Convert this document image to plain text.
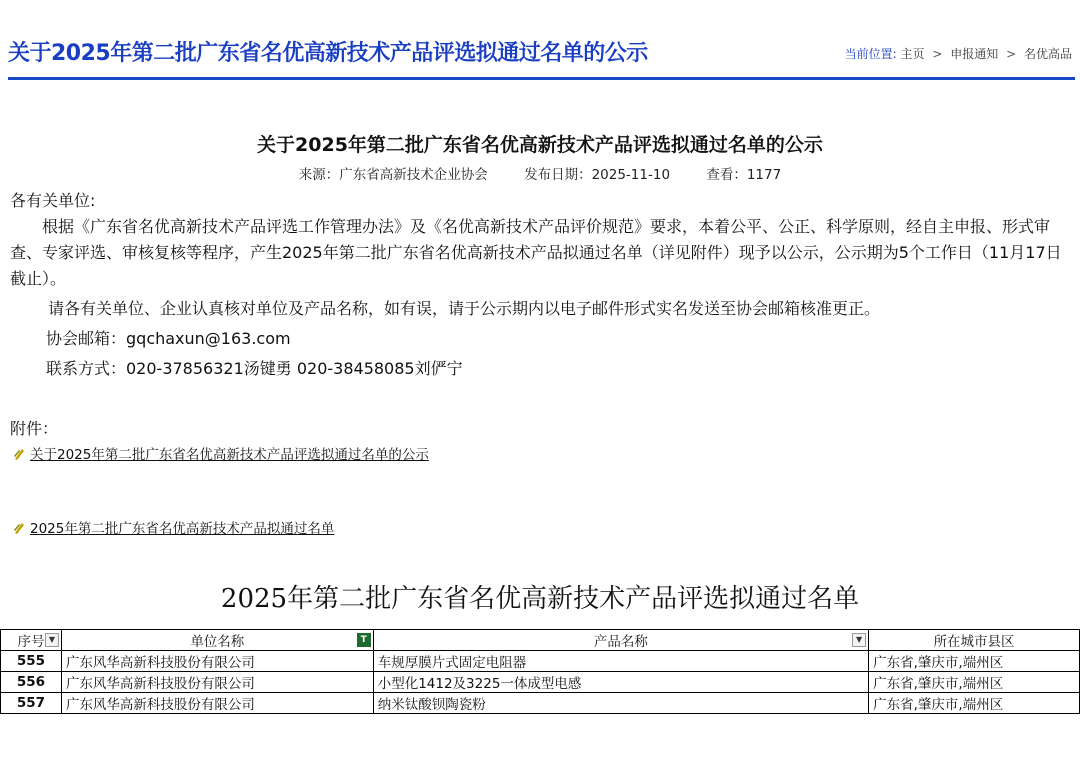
关于2025年第二批广东省名优高新技术产品评选拟通过名单的公示	当前位置: 主页 > 申报通知 > 名优高品
关于2025年第二批广东省名优高新技术产品评选拟通过名单的公示
来源：广东省高新技术企业协会	发布日期：2025-11-10	查看：1177

各有关单位:

根据《广东省名优高新技术产品评选工作管理办法》及《名优高新技术产品评价规范》要求，本着公平、公正、科学原则，经自主申报、形式审查、专家评选、审核复核等程序，产生2025年第二批广东省名优高新技术产品拟通过名单（详见附件）现予以公示，公示期为5个工作日（11月17日截止）。

请各有关单位、企业认真核对单位及产品名称，如有误，请于公示期内以电子邮件形式实名发送至协会邮箱核准更正。

协会邮箱：gqchaxun@163.com

联系方式：020-37856321汤键勇 020-38458085刘俨宁

附件：
关于2025年第二批广东省名优高新技术产品评选拟通过名单的公示
2025年第二批广东省名优高新技术产品拟通过名单
2025年第二批广东省名优高新技术产品评选拟通过名单
序号 ▼	单位名称 T	产品名称 ▼	所在城市县区
555	广东风华高新科技股份有限公司	车规厚膜片式固定电阻器	广东省,肇庆市,端州区
556	广东风华高新科技股份有限公司	小型化1412及3225一体成型电感	广东省,肇庆市,端州区
557	广东风华高新科技股份有限公司	纳米钛酸钡陶瓷粉	广东省,肇庆市,端州区
